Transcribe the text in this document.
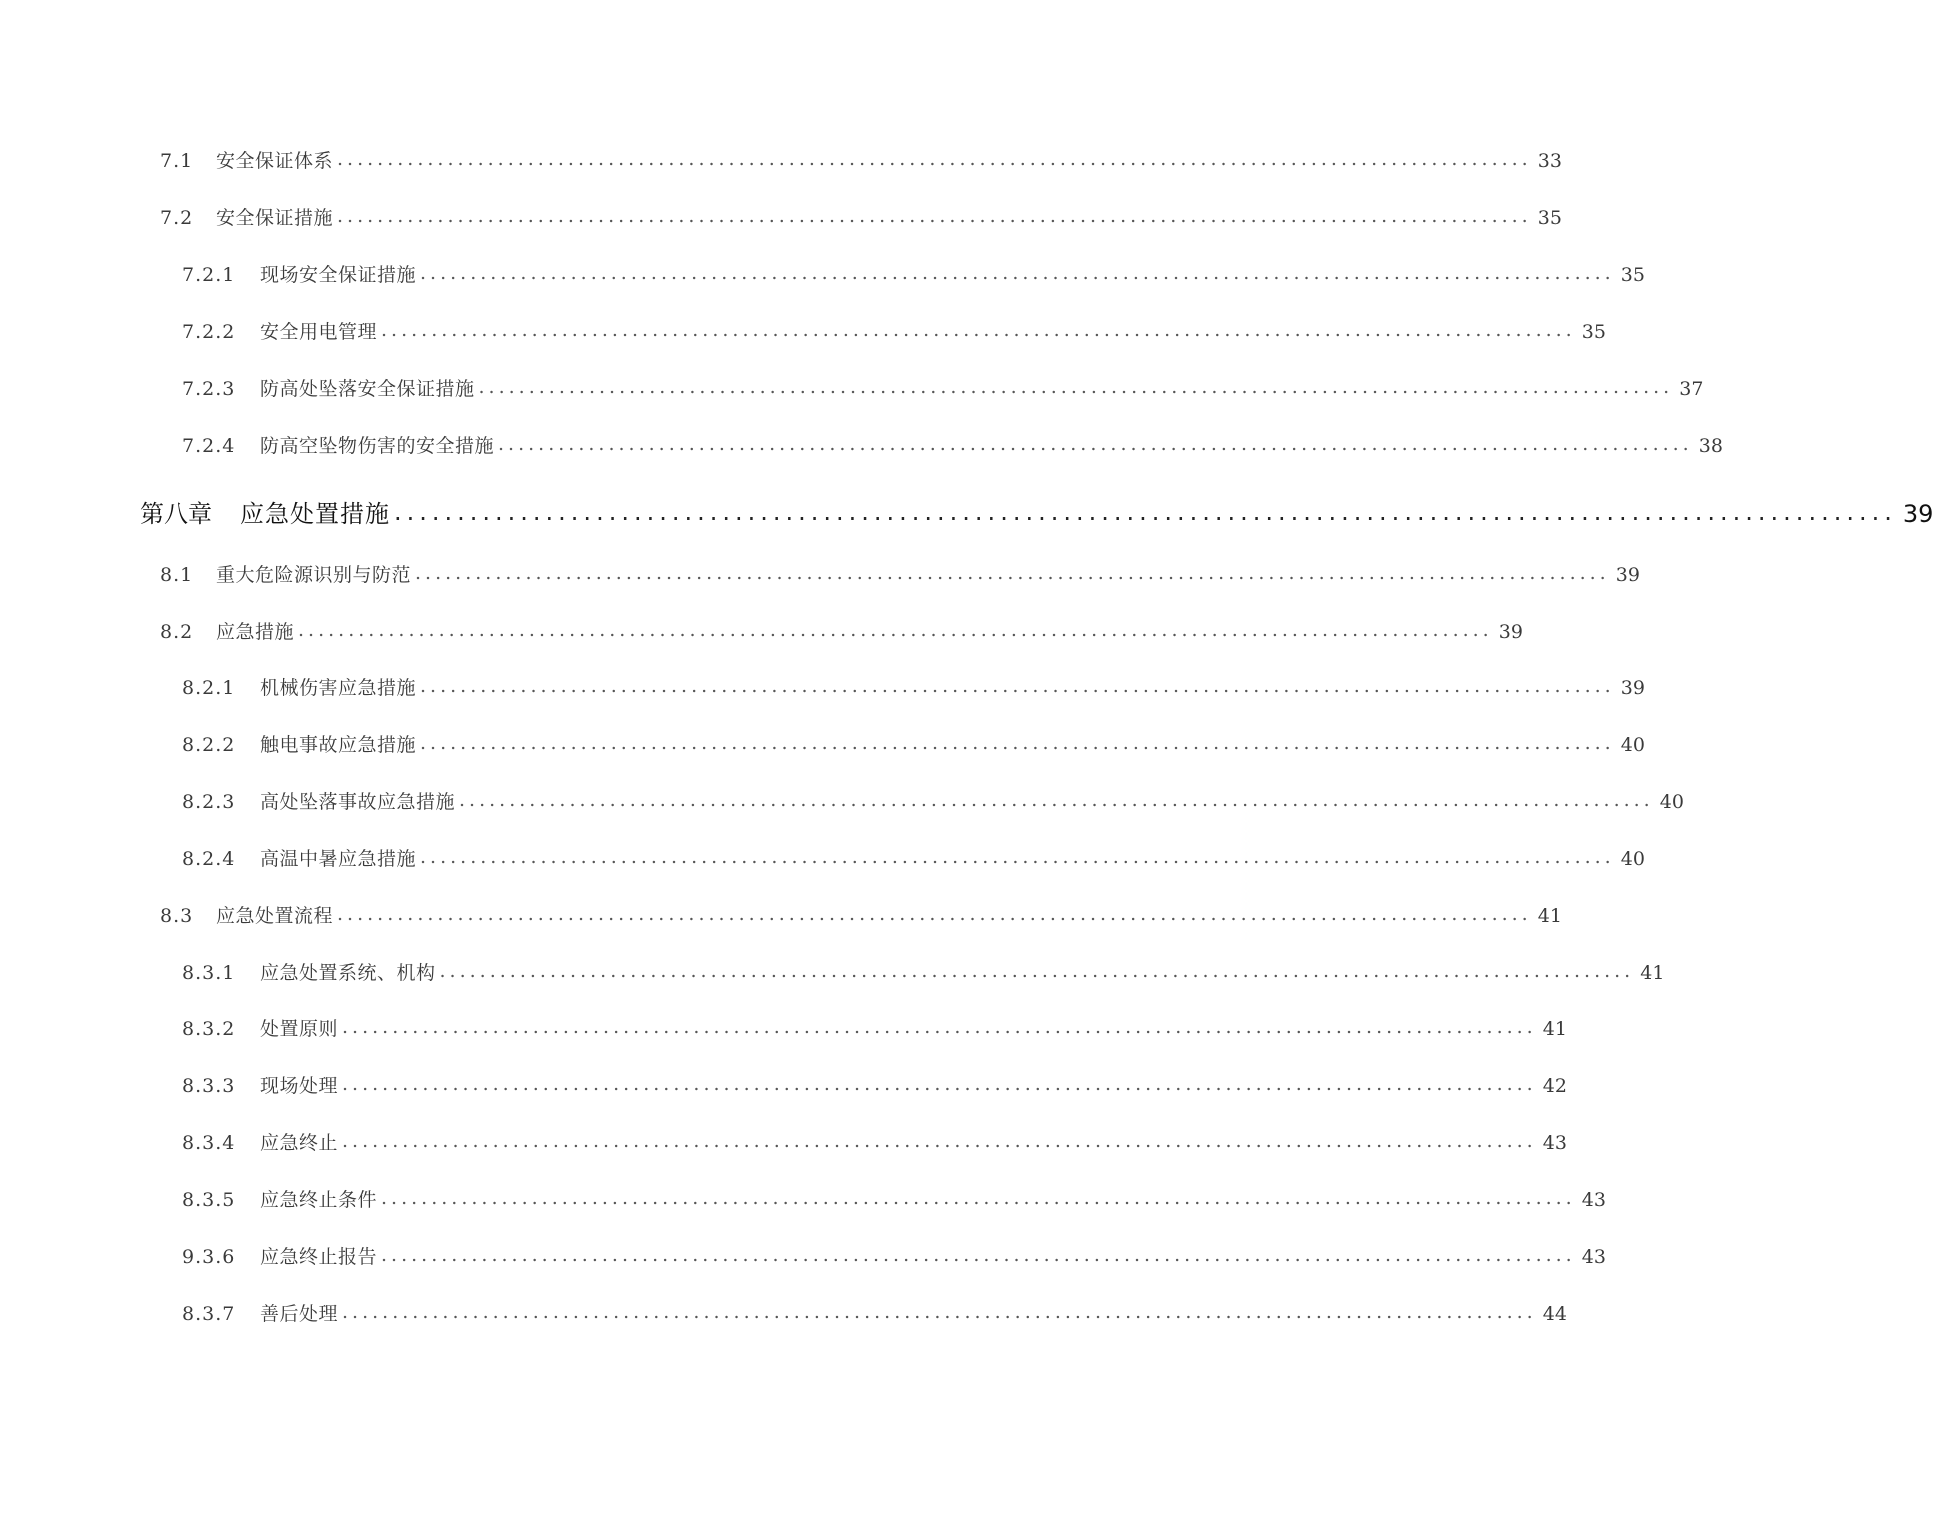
7.1	安全保证体系 ....................................................................................................................... 33
7.2	安全保证措施 ....................................................................................................................... 35
7.2.1	现场安全保证措施 ....................................................................................................................... 35
7.2.2	安全用电管理 ....................................................................................................................... 35
7.2.3	防高处坠落安全保证措施 ....................................................................................................................... 37
7.2.4	防高空坠物伤害的安全措施 ....................................................................................................................... 38
第八章	应急处置措施 ....................................................................................................................... 39
8.1	重大危险源识别与防范 ....................................................................................................................... 39
8.2	应急措施 ....................................................................................................................... 39
8.2.1	机械伤害应急措施 ....................................................................................................................... 39
8.2.2	触电事故应急措施 ....................................................................................................................... 40
8.2.3	高处坠落事故应急措施 ....................................................................................................................... 40
8.2.4	高温中暑应急措施 ....................................................................................................................... 40
8.3	应急处置流程 ....................................................................................................................... 41
8.3.1	应急处置系统、机构 ....................................................................................................................... 41
8.3.2	处置原则 ....................................................................................................................... 41
8.3.3	现场处理 ....................................................................................................................... 42
8.3.4	应急终止 ....................................................................................................................... 43
8.3.5	应急终止条件 ....................................................................................................................... 43
9.3.6	应急终止报告 ....................................................................................................................... 43
8.3.7	善后处理 ....................................................................................................................... 44
